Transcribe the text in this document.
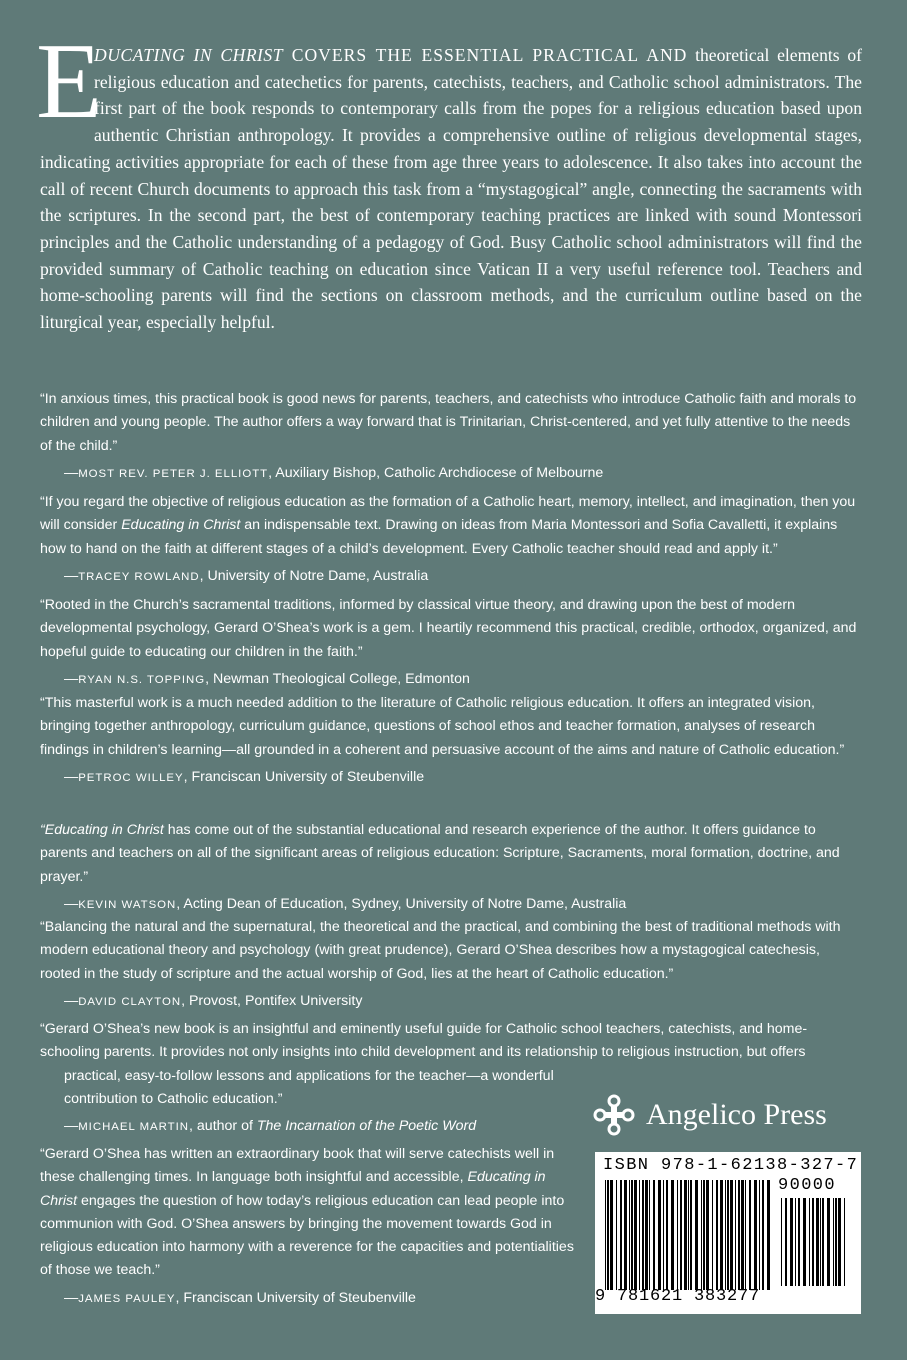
E
DUCATING IN CHRIST COVERS THE ESSENTIAL PRACTICAL AND theoretical elements of religious education and catechetics for parents, catechists, teachers, and Catholic school administrators. The first part of the book responds to contemporary calls from the popes for a religious education based upon authentic Christian anthropology. It provides a comprehensive outline of religious developmental stages, indicating activities appropriate for each of these from age three years to adolescence. It also takes into account the call of recent Church documents to approach this task from a “mystagogical” angle, connecting the sacraments with the scriptures. In the second part, the best of contemporary teaching practices are linked with sound Montessori principles and the Catholic understanding of a pedagogy of God. Busy Catholic school administrators will find the provided summary of Catholic teaching on education since Vatican II a very useful reference tool. Teachers and home-schooling parents will find the sections on classroom methods, and the curriculum outline based on the liturgical year, especially helpful.

“In anxious times, this practical book is good news for parents, teachers, and catechists who introduce Catholic faith and morals to children and young people. The author offers a way forward that is Trinitarian, Christ-centered, and yet fully attentive to the needs of the child.”

—MOST REV. PETER J. ELLIOTT, Auxiliary Bishop, Catholic Archdiocese of Melbourne

“If you regard the objective of religious education as the formation of a Catholic heart, memory, intellect, and imagination, then you will consider Educating in Christ an indispensable text. Drawing on ideas from Maria Montessori and Sofia Cavalletti, it explains how to hand on the faith at different stages of a child’s development. Every Catholic teacher should read and apply it.”

—TRACEY ROWLAND, University of Notre Dame, Australia

“Rooted in the Church’s sacramental traditions, informed by classical virtue theory, and drawing upon the best of modern developmental psychology, Gerard O’Shea’s work is a gem. I heartily recommend this practical, credible, orthodox, organized, and hopeful guide to educating our children in the faith.”

—RYAN N.S. TOPPING, Newman Theological College, Edmonton

“This masterful work is a much needed addition to the literature of Catholic religious education. It offers an integrated vision, bringing together anthropology, curriculum guidance, questions of school ethos and teacher formation, analyses of research findings in children’s learning—all grounded in a coherent and persuasive account of the aims and nature of Catholic education.”

—PETROC WILLEY, Franciscan University of Steubenville

“Educating in Christ has come out of the substantial educational and research experience of the author. It offers guidance to parents and teachers on all of the significant areas of religious education: Scripture, Sacraments, moral formation, doctrine, and prayer.”

—KEVIN WATSON, Acting Dean of Education, Sydney, University of Notre Dame, Australia

“Balancing the natural and the supernatural, the theoretical and the practical, and combining the best of traditional methods with modern educational theory and psychology (with great prudence), Gerard O’Shea describes how a mystagogical catechesis, rooted in the study of scripture and the actual worship of God, lies at the heart of Catholic education.”

—DAVID CLAYTON, Provost, Pontifex University

“Gerard O’Shea’s new book is an insightful and eminently useful guide for Catholic school teachers, catechists, and home-schooling parents. It provides not only insights into child development and its relationship to religious instruction, but offers

practical, easy-to-follow lessons and applications for the teacher—a wonderful contribution to Catholic education.”

—MICHAEL MARTIN, author of The Incarnation of the Poetic Word

“Gerard O’Shea has written an extraordinary book that will serve catechists well in these challenging times. In language both insightful and accessible, Educating in Christ engages the question of how today’s religious education can lead people into communion with God. O’Shea answers by bringing the movement towards God in religious education into harmony with a reverence for the capacities and potentialities of those we teach.”

—JAMES PAULEY, Franciscan University of Steubenville

Angelico Press
ISBN 978-1-62138-327-7
90000
9 781621 383277
